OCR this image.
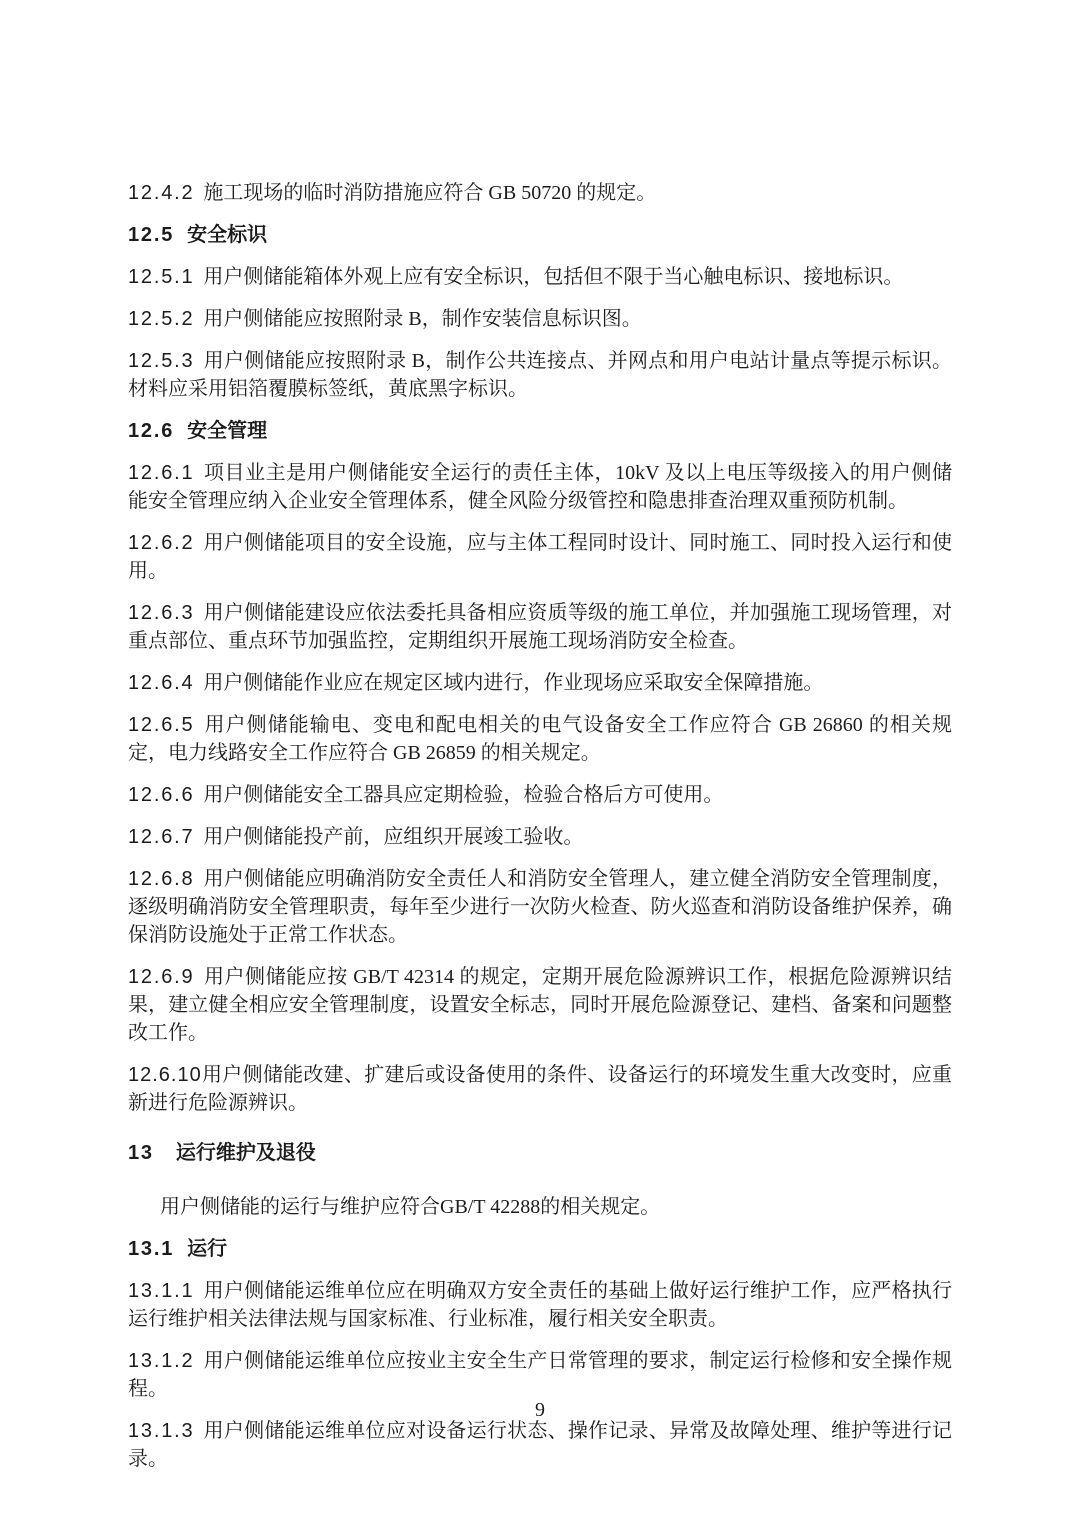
12.4.2 施工现场的临时消防措施应符合 GB 50720 的规定。

12.5 安全标识

12.5.1 用户侧储能箱体外观上应有安全标识，包括但不限于当心触电标识、接地标识。

12.5.2 用户侧储能应按照附录 B，制作安装信息标识图。

12.5.3 用户侧储能应按照附录 B，制作公共连接点、并网点和用户电站计量点等提示标识。材料应采用铝箔覆膜标签纸，黄底黑字标识。

12.6 安全管理

12.6.1 项目业主是用户侧储能安全运行的责任主体，10kV 及以上电压等级接入的用户侧储能安全管理应纳入企业安全管理体系，健全风险分级管控和隐患排查治理双重预防机制。

12.6.2 用户侧储能项目的安全设施，应与主体工程同时设计、同时施工、同时投入运行和使用。

12.6.3 用户侧储能建设应依法委托具备相应资质等级的施工单位，并加强施工现场管理，对重点部位、重点环节加强监控，定期组织开展施工现场消防安全检查。

12.6.4 用户侧储能作业应在规定区域内进行，作业现场应采取安全保障措施。

12.6.5 用户侧储能输电、变电和配电相关的电气设备安全工作应符合 GB 26860 的相关规定，电力线路安全工作应符合 GB 26859 的相关规定。

12.6.6 用户侧储能安全工器具应定期检验，检验合格后方可使用。

12.6.7 用户侧储能投产前，应组织开展竣工验收。

12.6.8 用户侧储能应明确消防安全责任人和消防安全管理人，建立健全消防安全管理制度，逐级明确消防安全管理职责，每年至少进行一次防火检查、防火巡查和消防设备维护保养，确保消防设施处于正常工作状态。

12.6.9 用户侧储能应按 GB/T 42314 的规定，定期开展危险源辨识工作，根据危险源辨识结果，建立健全相应安全管理制度，设置安全标志，同时开展危险源登记、建档、备案和问题整改工作。

12.6.10用户侧储能改建、扩建后或设备使用的条件、设备运行的环境发生重大改变时，应重新进行危险源辨识。

13 运行维护及退役

用户侧储能的运行与维护应符合GB/T 42288的相关规定。

13.1 运行

13.1.1 用户侧储能运维单位应在明确双方安全责任的基础上做好运行维护工作，应严格执行运行维护相关法律法规与国家标准、行业标准，履行相关安全职责。

13.1.2 用户侧储能运维单位应按业主安全生产日常管理的要求，制定运行检修和安全操作规程。

13.1.3 用户侧储能运维单位应对设备运行状态、操作记录、异常及故障处理、维护等进行记录。

9
